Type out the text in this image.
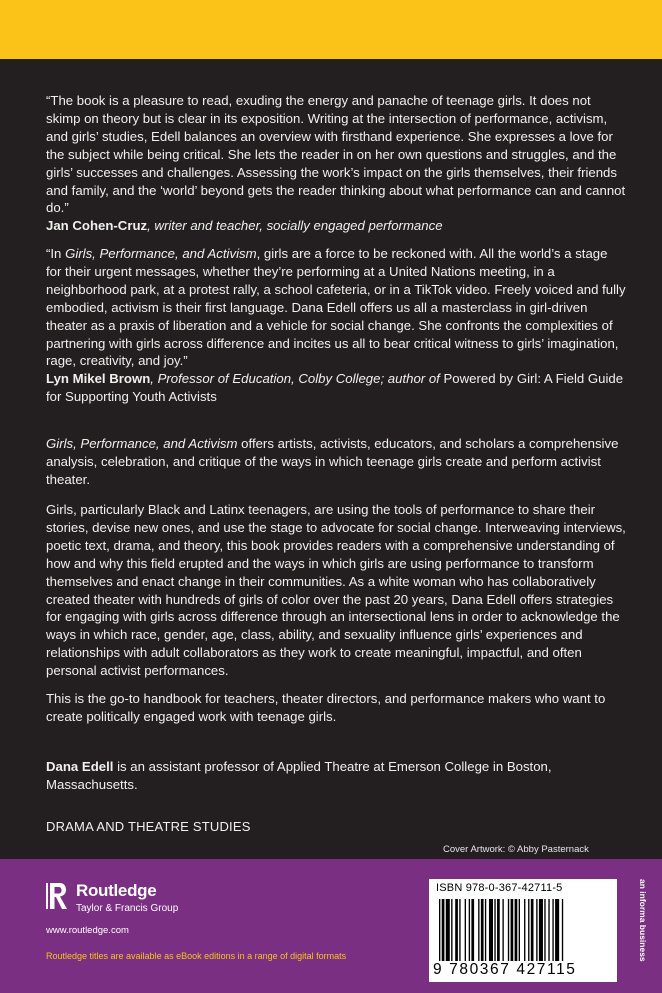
“The book is a pleasure to read, exuding the energy and panache of teenage girls. It does not skimp on theory but is clear in its exposition. Writing at the intersection of performance, activism, and girls’ studies, Edell balances an overview with firsthand experience. She expresses a love for the subject while being critical. She lets the reader in on her own questions and struggles, and the girls’ successes and challenges. Assessing the work’s impact on the girls themselves, their friends and family, and the ‘world’ beyond gets the reader thinking about what performance can and cannot do.”
Jan Cohen-Cruz, writer and teacher, socially engaged performance

“In Girls, Performance, and Activism, girls are a force to be reckoned with. All the world’s a stage for their urgent messages, whether they’re performing at a United Nations meeting, in a neighborhood park, at a protest rally, a school cafeteria, or in a TikTok video. Freely voiced and fully embodied, activism is their first language. Dana Edell offers us all a masterclass in girl-driven theater as a praxis of liberation and a vehicle for social change. She confronts the complexities of partnering with girls across difference and incites us all to bear critical witness to girls’ imagination, rage, creativity, and joy.”
Lyn Mikel Brown, Professor of Education, Colby College; author of Powered by Girl: A Field Guide for Supporting Youth Activists

Girls, Performance, and Activism offers artists, activists, educators, and scholars a comprehensive analysis, celebration, and critique of the ways in which teenage girls create and perform activist theater.

Girls, particularly Black and Latinx teenagers, are using the tools of performance to share their stories, devise new ones, and use the stage to advocate for social change. Interweaving interviews, poetic text, drama, and theory, this book provides readers with a comprehensive understanding of how and why this field erupted and the ways in which girls are using performance to transform themselves and enact change in their communities. As a white woman who has collaboratively created theater with hundreds of girls of color over the past 20 years, Dana Edell offers strategies for engaging with girls across difference through an intersectional lens in order to acknowledge the ways in which race, gender, age, class, ability, and sexuality influence girls’ experiences and relationships with adult collaborators as they work to create meaningful, impactful, and often personal activist performances.

This is the go-to handbook for teachers, theater directors, and performance makers who want to create politically engaged work with teenage girls.

Dana Edell is an assistant professor of Applied Theatre at Emerson College in Boston, Massachusetts.

DRAMA AND THEATRE STUDIES
Cover Artwork: © Abby Pasternack
Routledge
Taylor & Francis Group
www.routledge.com
Routledge titles are available as eBook editions in a range of digital formats
ISBN 978-0-367-42711-5
9 780367 427115
an informa business
